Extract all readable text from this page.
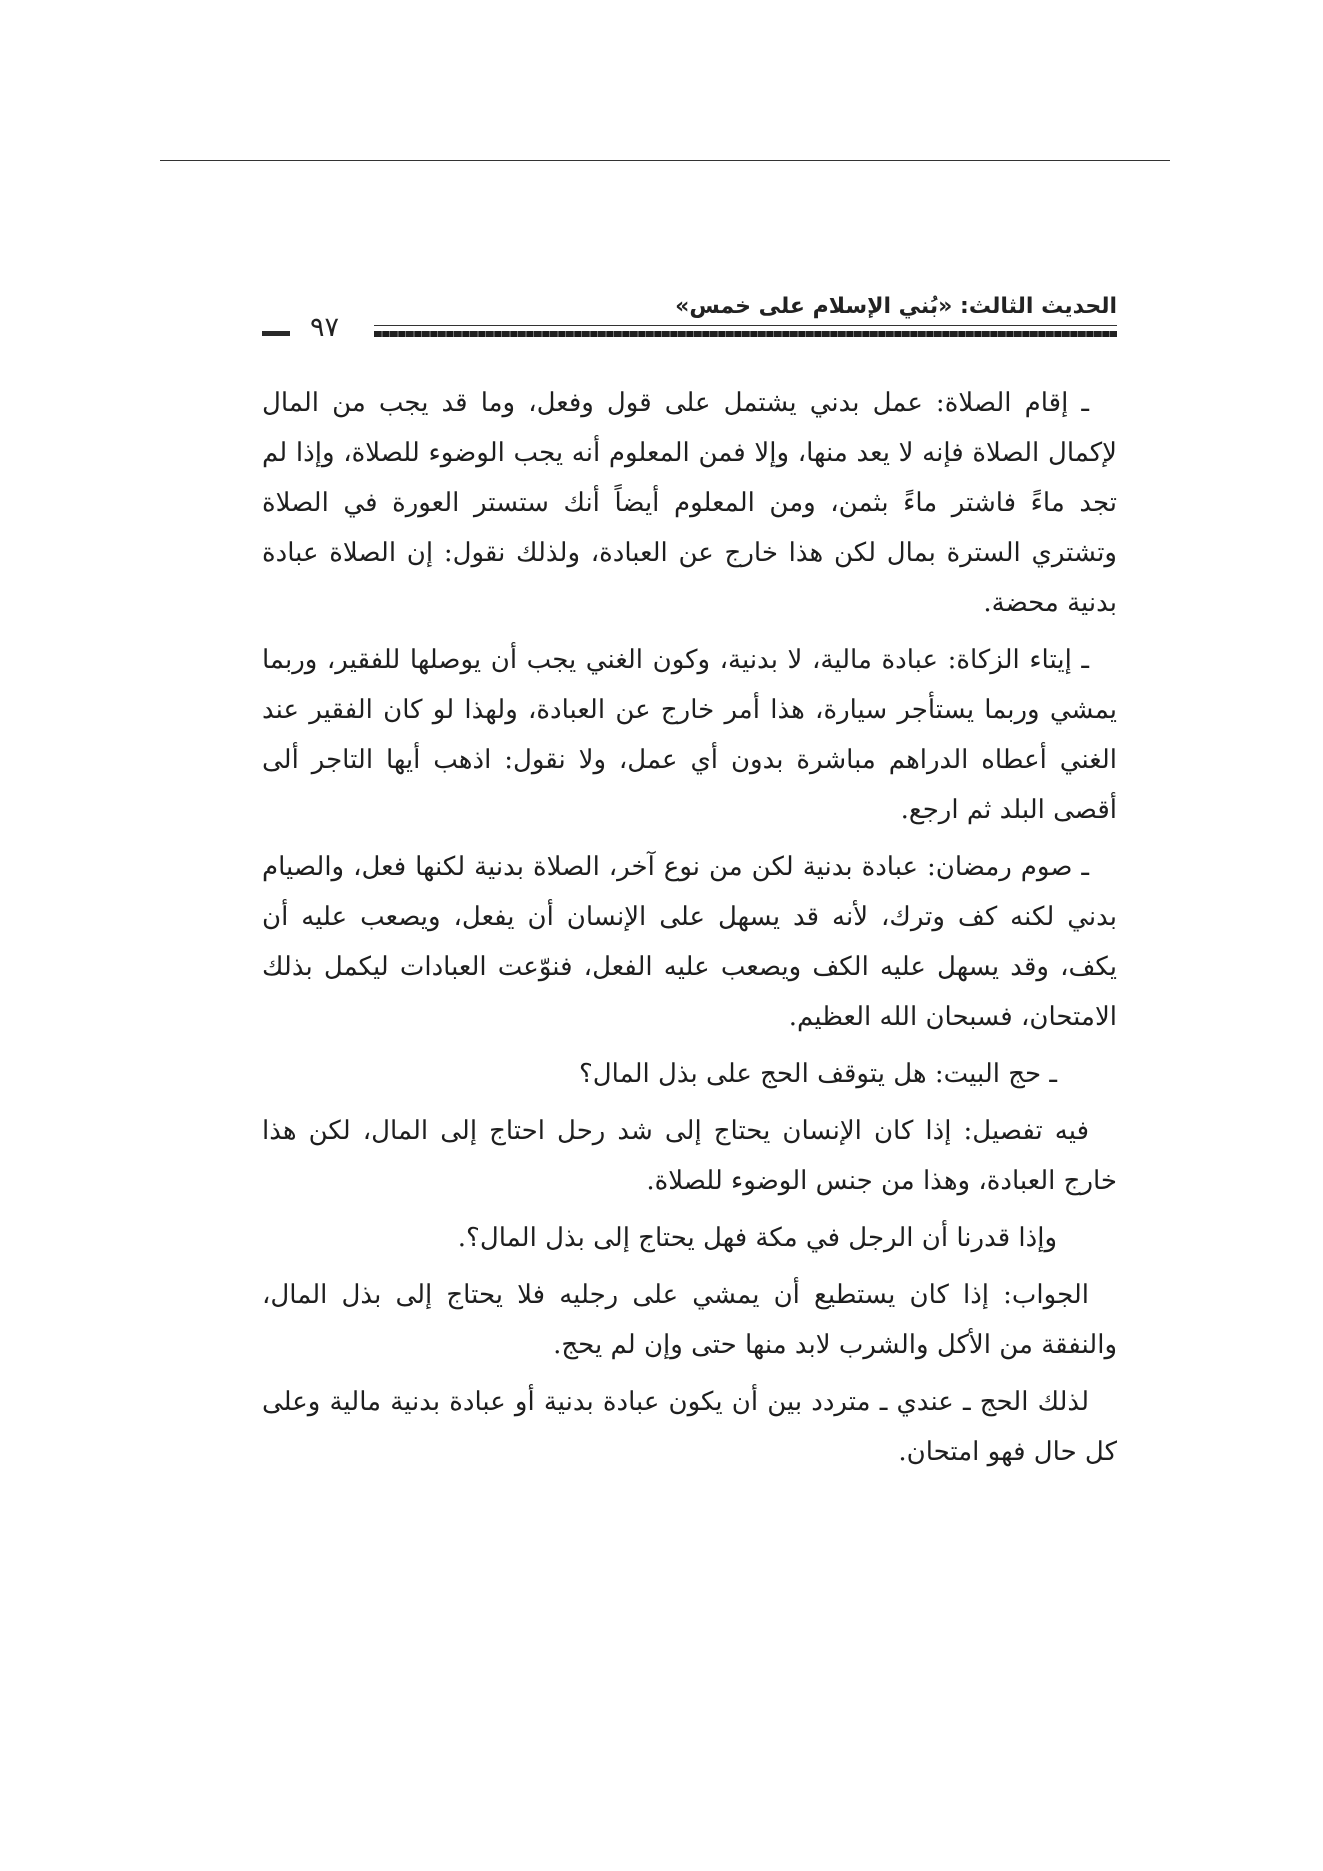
الحديث الثالث: «بُني الإسلام على خمس»
٩٧

ـ إقام الصلاة: عمل بدني يشتمل على قول وفعل، وما قد يجب من المال لإكمال الصلاة فإنه لا يعد منها، وإلا فمن المعلوم أنه يجب الوضوء للصلاة، وإذا لم تجد ماءً فاشتر ماءً بثمن، ومن المعلوم أيضاً أنك ستستر العورة في الصلاة وتشتري السترة بمال لكن هذا خارج عن العبادة، ولذلك نقول: إن الصلاة عبادة بدنية محضة.

ـ إيتاء الزكاة: عبادة مالية، لا بدنية، وكون الغني يجب أن يوصلها للفقير، وربما يمشي وربما يستأجر سيارة، هذا أمر خارج عن العبادة، ولهذا لو كان الفقير عند الغني أعطاه الدراهم مباشرة بدون أي عمل، ولا نقول: اذهب أيها التاجر ألى أقصى البلد ثم ارجع.

ـ صوم رمضان: عبادة بدنية لكن من نوع آخر، الصلاة بدنية لكنها فعل، والصيام بدني لكنه كف وترك، لأنه قد يسهل على الإنسان أن يفعل، ويصعب عليه أن يكف، وقد يسهل عليه الكف ويصعب عليه الفعل، فنوّعت العبادات ليكمل بذلك الامتحان، فسبحان الله العظيم.

ـ حج البيت: هل يتوقف الحج على بذل المال؟

فيه تفصيل: إذا كان الإنسان يحتاج إلى شد رحل احتاج إلى المال، لكن هذا خارج العبادة، وهذا من جنس الوضوء للصلاة.

وإذا قدرنا أن الرجل في مكة فهل يحتاج إلى بذل المال؟.

الجواب: إذا كان يستطيع أن يمشي على رجليه فلا يحتاج إلى بذل المال، والنفقة من الأكل والشرب لابد منها حتى وإن لم يحج.

لذلك الحج ـ عندي ـ متردد بين أن يكون عبادة بدنية أو عبادة بدنية مالية وعلى كل حال فهو امتحان.
